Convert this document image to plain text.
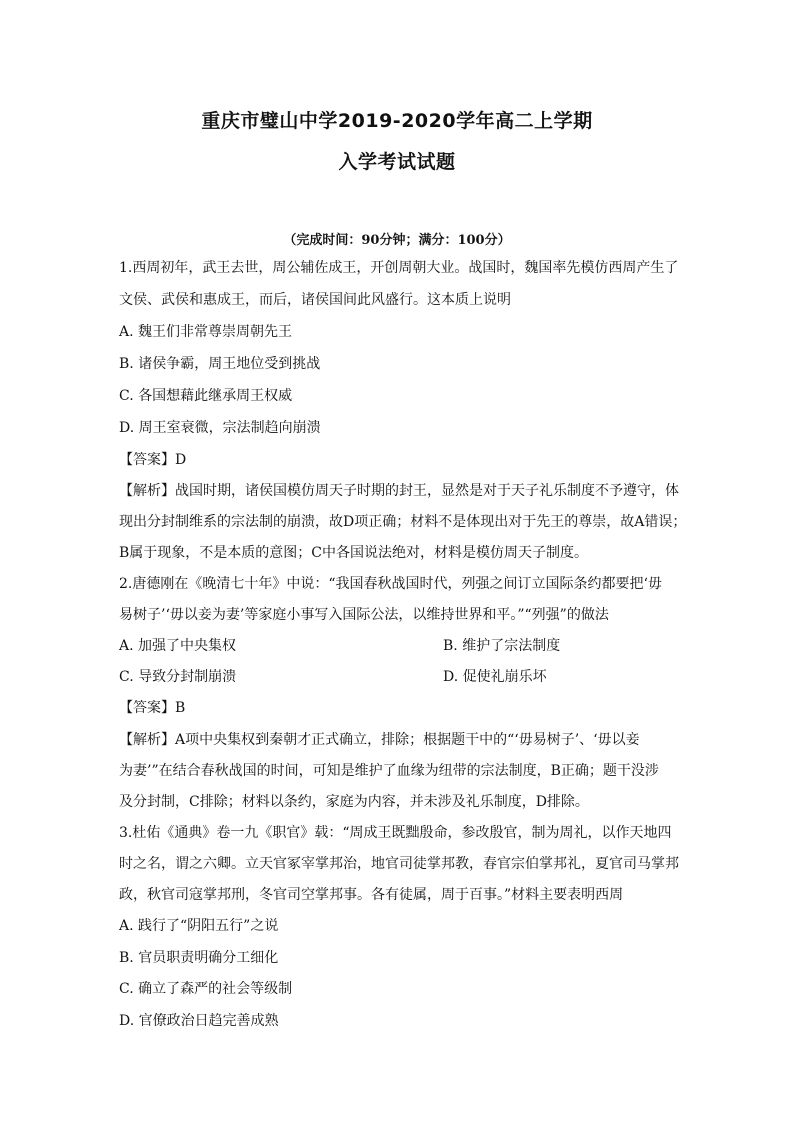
重庆市璧山中学2019-2020学年高二上学期
入学考试试题
（完成时间：90分钟；满分：100分）
1.西周初年，武王去世，周公辅佐成王，开创周朝大业。战国时，魏国率先模仿西周产生了
文侯、武侯和惠成王，而后，诸侯国间此风盛行。这本质上说明
A. 魏王们非常尊崇周朝先王
B. 诸侯争霸，周王地位受到挑战
C. 各国想藉此继承周王权威
D. 周王室衰微，宗法制趋向崩溃
【答案】D
【解析】战国时期，诸侯国模仿周天子时期的封王，显然是对于天子礼乐制度不予遵守，体
现出分封制维系的宗法制的崩溃，故D项正确；材料不是体现出对于先王的尊崇，故A错误；
B属于现象，不是本质的意图；C中各国说法绝对，材料是模仿周天子制度。
2.唐德刚在《晚清七十年》中说：“我国春秋战国时代，列强之间订立国际条约都要把‘毋
易树子’‘毋以妾为妻’等家庭小事写入国际公法，以维持世界和平。”“列强”的做法
A. 加强了中央集权	B. 维护了宗法制度
C. 导致分封制崩溃	D. 促使礼崩乐坏
【答案】B
【解析】A项中央集权到秦朝才正式确立，排除；根据题干中的“‘毋易树子’、‘毋以妾
为妻’”在结合春秋战国的时间，可知是维护了血缘为纽带的宗法制度，B正确；题干没涉
及分封制，C排除；材料以条约，家庭为内容，并未涉及礼乐制度，D排除。
3.杜佑《通典》卷一九《职官》载：“周成王既黜殷命，参改殷官，制为周礼，以作天地四
时之名，谓之六卿。立天官冢宰掌邦治，地官司徒掌邦教，春官宗伯掌邦礼，夏官司马掌邦
政，秋官司寇掌邦刑，冬官司空掌邦事。各有徒属，周于百事。”材料主要表明西周
A. 践行了“阴阳五行”之说
B. 官员职责明确分工细化
C. 确立了森严的社会等级制
D. 官僚政治日趋完善成熟
